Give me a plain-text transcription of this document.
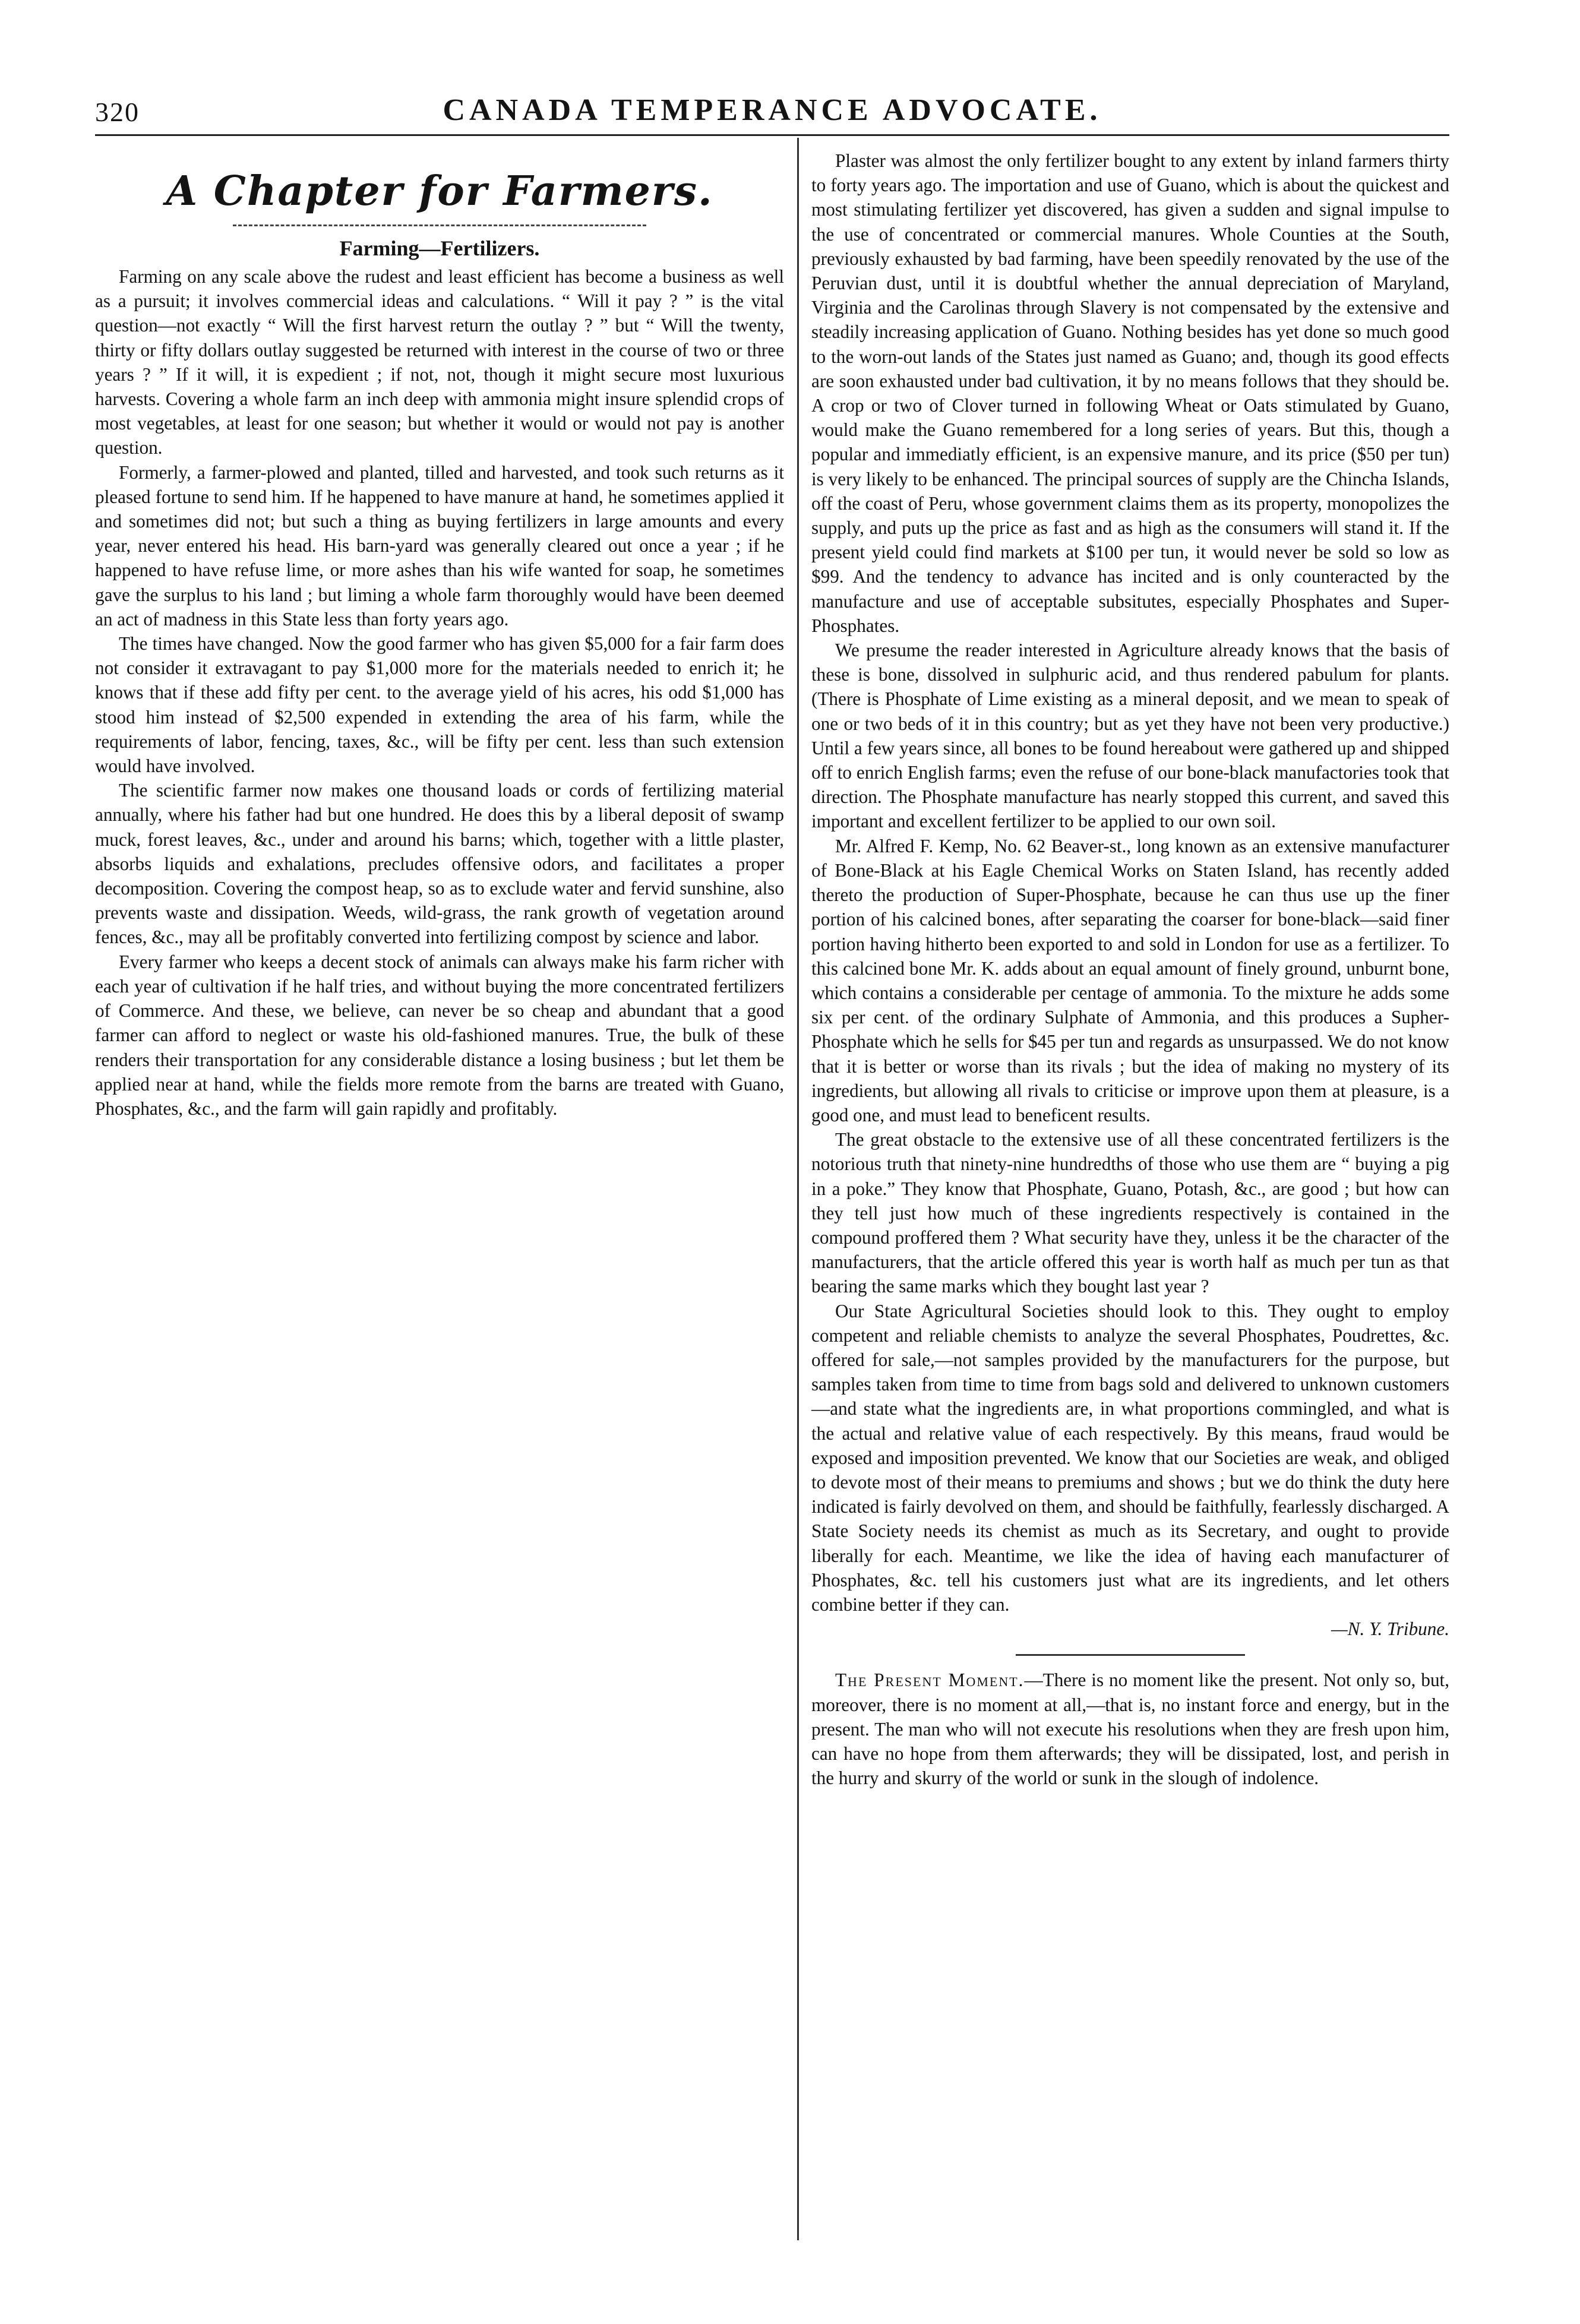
320	CANADA TEMPERANCE ADVOCATE.
A Chapter for Farmers.
Farming—Fertilizers.

Farming on any scale above the rudest and least efficient has become a business as well as a pursuit; it involves commercial ideas and calculations. “ Will it pay ? ” is the vital question—not exactly “ Will the first harvest return the outlay ? ” but “ Will the twenty, thirty or fifty dollars outlay suggested be returned with interest in the course of two or three years ? ” If it will, it is expedient ; if not, not, though it might secure most luxurious harvests. Covering a whole farm an inch deep with ammonia might insure splendid crops of most vegetables, at least for one season; but whether it would or would not pay is another question.

Formerly, a farmer-plowed and planted, tilled and harvested, and took such returns as it pleased fortune to send him. If he happened to have manure at hand, he sometimes applied it and sometimes did not; but such a thing as buying fertilizers in large amounts and every year, never entered his head. His barn-yard was generally cleared out once a year ; if he happened to have refuse lime, or more ashes than his wife wanted for soap, he sometimes gave the surplus to his land ; but liming a whole farm thoroughly would have been deemed an act of madness in this State less than forty years ago.

The times have changed. Now the good farmer who has given $5,000 for a fair farm does not consider it extravagant to pay $1,000 more for the materials needed to enrich it; he knows that if these add fifty per cent. to the average yield of his acres, his odd $1,000 has stood him instead of $2,500 expended in extending the area of his farm, while the requirements of labor, fencing, taxes, &c., will be fifty per cent. less than such extension would have involved.

The scientific farmer now makes one thousand loads or cords of fertilizing material annually, where his father had but one hundred. He does this by a liberal deposit of swamp muck, forest leaves, &c., under and around his barns; which, together with a little plaster, absorbs liquids and exhalations, precludes offensive odors, and facilitates a proper decomposition. Covering the compost heap, so as to exclude water and fervid sunshine, also prevents waste and dissipation. Weeds, wild-grass, the rank growth of vegetation around fences, &c., may all be profitably converted into fertilizing compost by science and labor.

Every farmer who keeps a decent stock of animals can always make his farm richer with each year of cultivation if he half tries, and without buying the more concentrated fertilizers of Commerce. And these, we believe, can never be so cheap and abundant that a good farmer can afford to neglect or waste his old-fashioned manures. True, the bulk of these renders their transportation for any considerable distance a losing business ; but let them be applied near at hand, while the fields more remote from the barns are treated with Guano, Phosphates, &c., and the farm will gain rapidly and profitably.

Plaster was almost the only fertilizer bought to any extent by inland farmers thirty to forty years ago. The importation and use of Guano, which is about the quickest and most stimulating fertilizer yet discovered, has given a sudden and signal impulse to the use of concentrated or commercial manures. Whole Counties at the South, previously exhausted by bad farming, have been speedily renovated by the use of the Peruvian dust, until it is doubtful whether the annual depreciation of Maryland, Virginia and the Carolinas through Slavery is not compensated by the extensive and steadily increasing application of Guano. Nothing besides has yet done so much good to the worn-out lands of the States just named as Guano; and, though its good effects are soon exhausted under bad cultivation, it by no means follows that they should be. A crop or two of Clover turned in following Wheat or Oats stimulated by Guano, would make the Guano remembered for a long series of years. But this, though a popular and immediatly efficient, is an expensive manure, and its price ($50 per tun) is very likely to be enhanced. The principal sources of supply are the Chincha Islands, off the coast of Peru, whose government claims them as its property, monopolizes the supply, and puts up the price as fast and as high as the consumers will stand it. If the present yield could find markets at $100 per tun, it would never be sold so low as $99. And the tendency to advance has incited and is only counteracted by the manufacture and use of acceptable subsitutes, especially Phosphates and Super-Phosphates.

We presume the reader interested in Agriculture already knows that the basis of these is bone, dissolved in sulphuric acid, and thus rendered pabulum for plants. (There is Phosphate of Lime existing as a mineral deposit, and we mean to speak of one or two beds of it in this country; but as yet they have not been very productive.) Until a few years since, all bones to be found hereabout were gathered up and shipped off to enrich English farms; even the refuse of our bone-black manufactories took that direction. The Phosphate manufacture has nearly stopped this current, and saved this important and excellent fertilizer to be applied to our own soil.

Mr. Alfred F. Kemp, No. 62 Beaver-st., long known as an extensive manufacturer of Bone-Black at his Eagle Chemical Works on Staten Island, has recently added thereto the production of Super-Phosphate, because he can thus use up the finer portion of his calcined bones, after separating the coarser for bone-black—said finer portion having hitherto been exported to and sold in London for use as a fertilizer. To this calcined bone Mr. K. adds about an equal amount of finely ground, unburnt bone, which contains a considerable per centage of ammonia. To the mixture he adds some six per cent. of the ordinary Sulphate of Ammonia, and this produces a Supher-Phosphate which he sells for $45 per tun and regards as unsurpassed. We do not know that it is better or worse than its rivals ; but the idea of making no mystery of its ingredients, but allowing all rivals to criticise or improve upon them at pleasure, is a good one, and must lead to beneficent results.

The great obstacle to the extensive use of all these concentrated fertilizers is the notorious truth that ninety-nine hundredths of those who use them are “ buying a pig in a poke.” They know that Phosphate, Guano, Potash, &c., are good ; but how can they tell just how much of these ingredients respectively is contained in the compound proffered them ? What security have they, unless it be the character of the manufacturers, that the article offered this year is worth half as much per tun as that bearing the same marks which they bought last year ?

Our State Agricultural Societies should look to this. They ought to employ competent and reliable chemists to analyze the several Phosphates, Poudrettes, &c. offered for sale,—not samples provided by the manufacturers for the purpose, but samples taken from time to time from bags sold and delivered to unknown customers—and state what the ingredients are, in what proportions commingled, and what is the actual and relative value of each respectively. By this means, fraud would be exposed and imposition prevented. We know that our Societies are weak, and obliged to devote most of their means to premiums and shows ; but we do think the duty here indicated is fairly devolved on them, and should be faithfully, fearlessly discharged. A State Society needs its chemist as much as its Secretary, and ought to provide liberally for each. Meantime, we like the idea of having each manufacturer of Phosphates, &c. tell his customers just what are its ingredients, and let others combine better if they can.

—N. Y. Tribune.

The Present Moment.—There is no moment like the present. Not only so, but, moreover, there is no moment at all,—that is, no instant force and energy, but in the present. The man who will not execute his resolutions when they are fresh upon him, can have no hope from them afterwards; they will be dissipated, lost, and perish in the hurry and skurry of the world or sunk in the slough of indolence.
